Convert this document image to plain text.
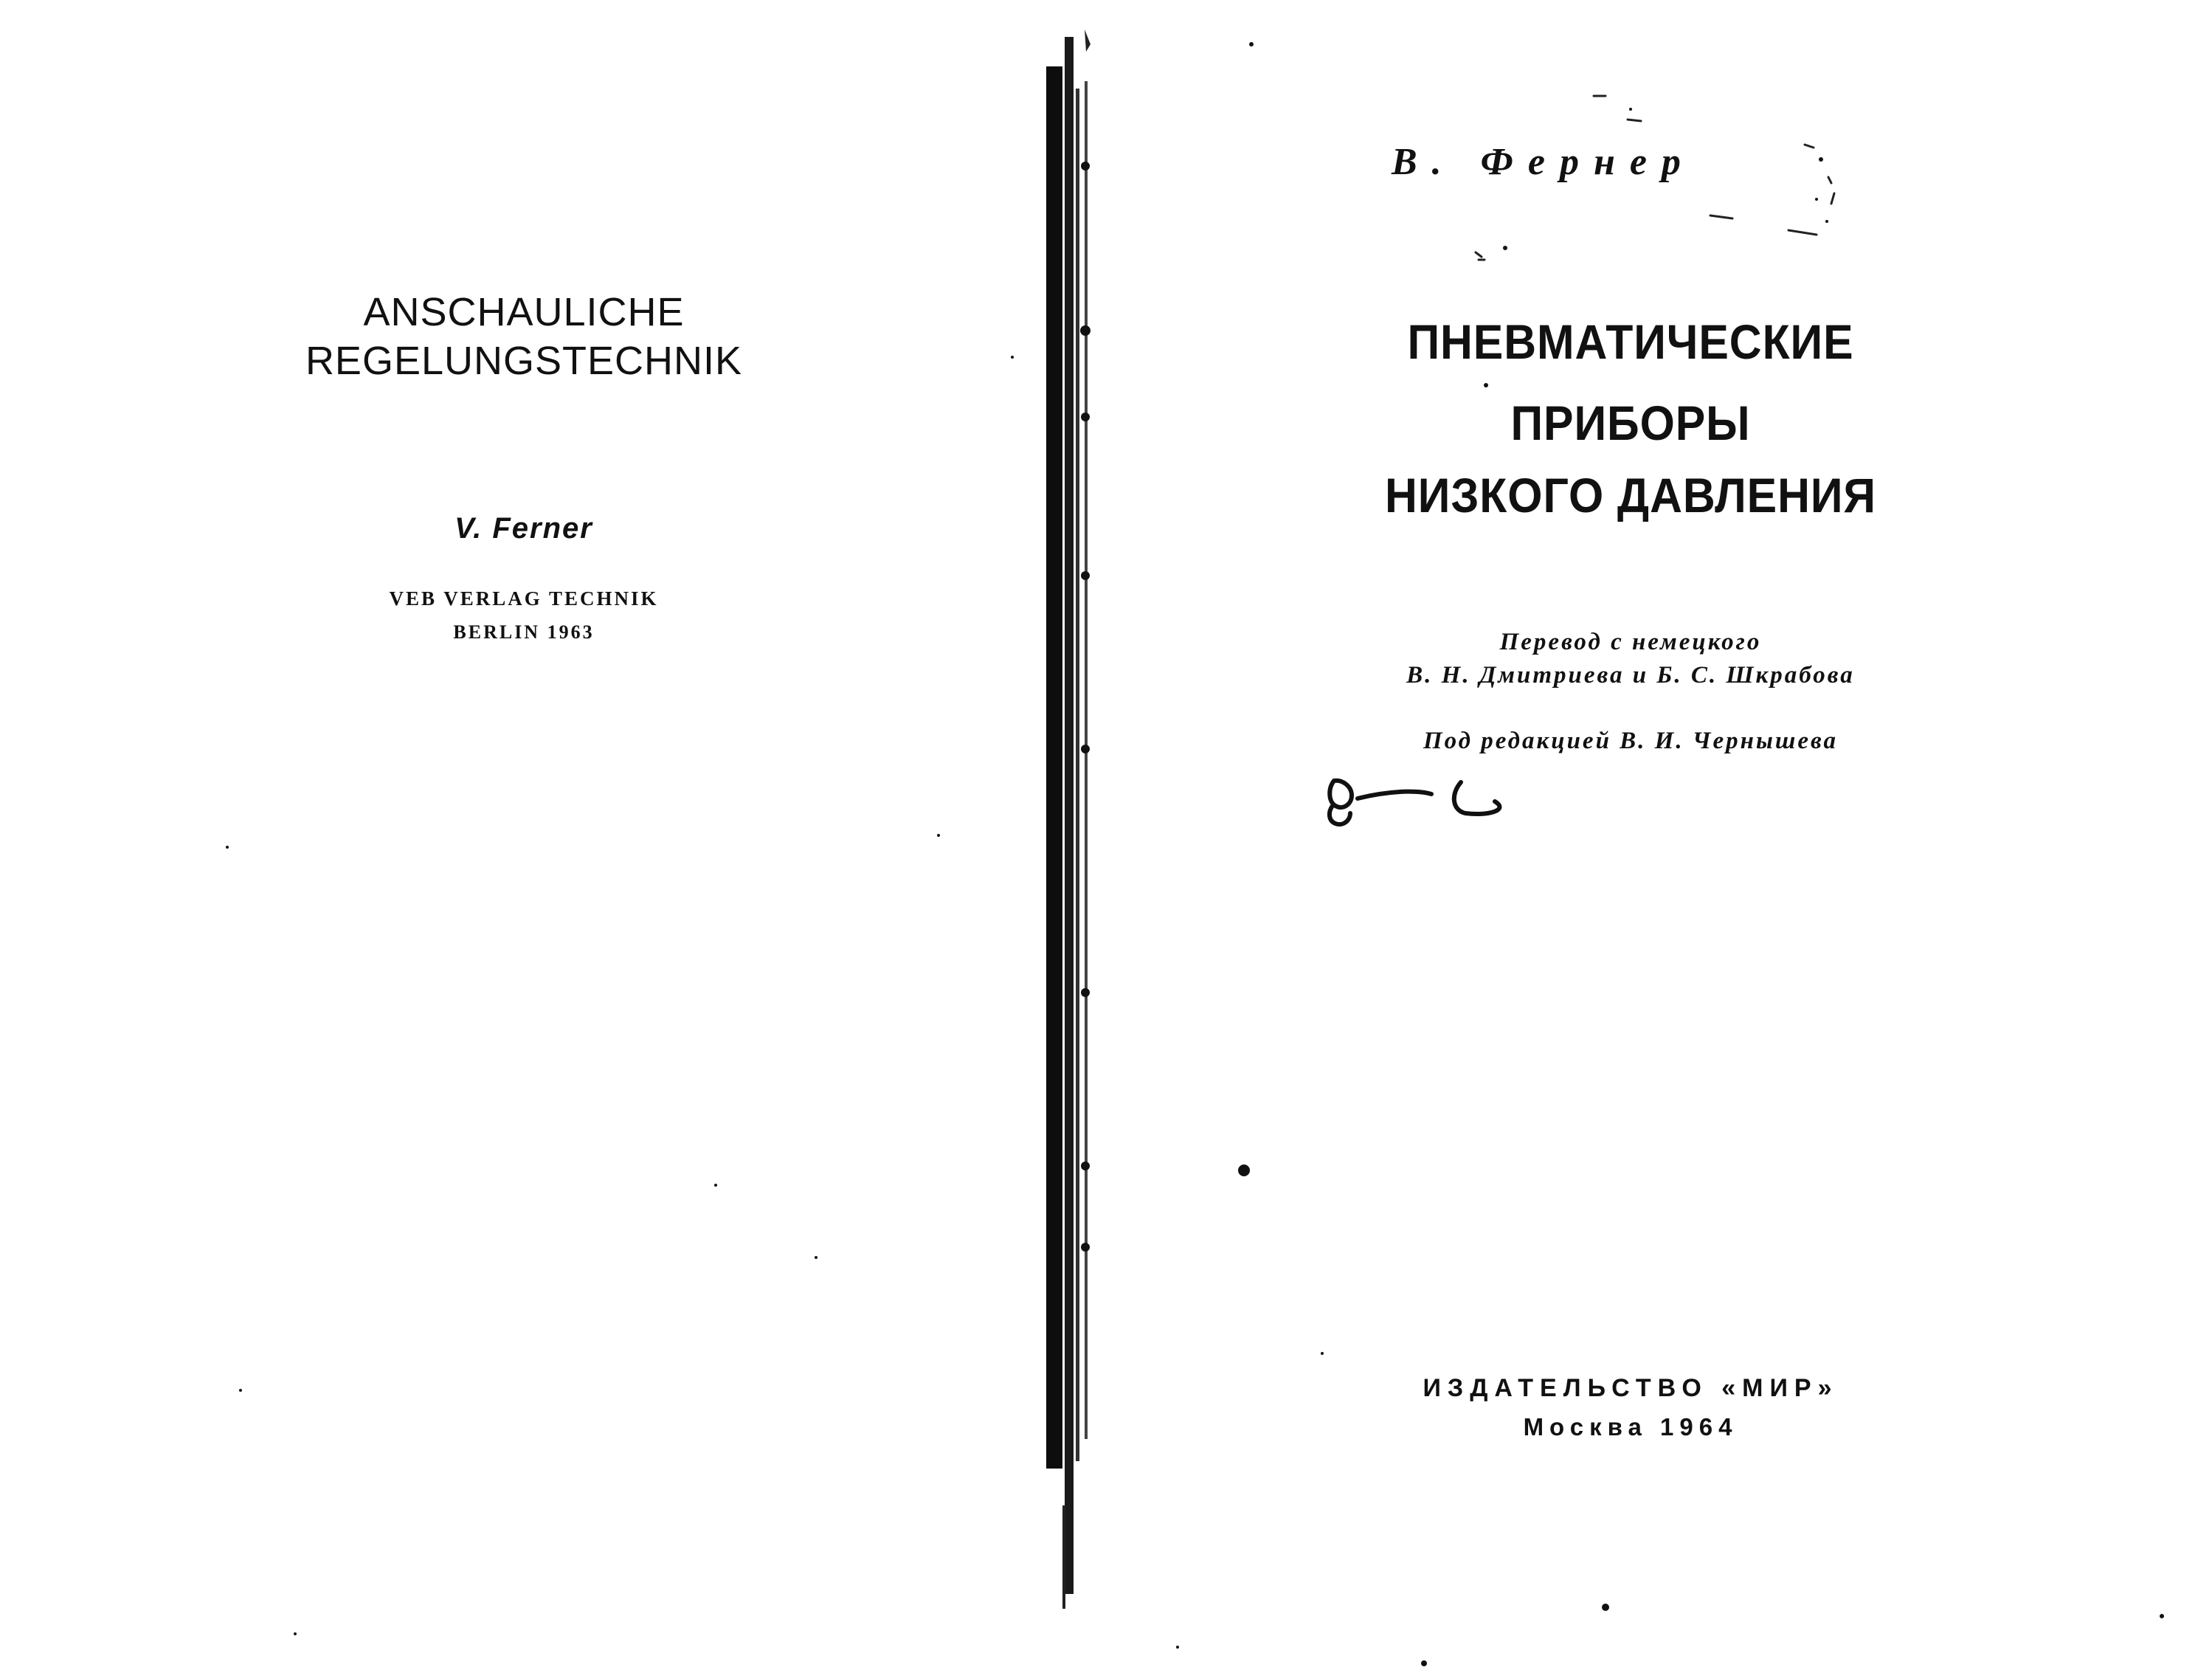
ANSCHAULICHE

REGELUNGSTECHNIK

V. Ferner

VEB VERLAG TECHNIK

BERLIN 1963

В. Фернер

ПНЕВМАТИЧЕСКИЕ

ПРИБОРЫ

НИЗКОГО ДАВЛЕНИЯ

Перевод с немецкого

В. Н. Дмитриева и Б. С. Шкрабова

Под редакцией В. И. Чернышева

ИЗДАТЕЛЬСТВО «МИР»

Москва 1964
